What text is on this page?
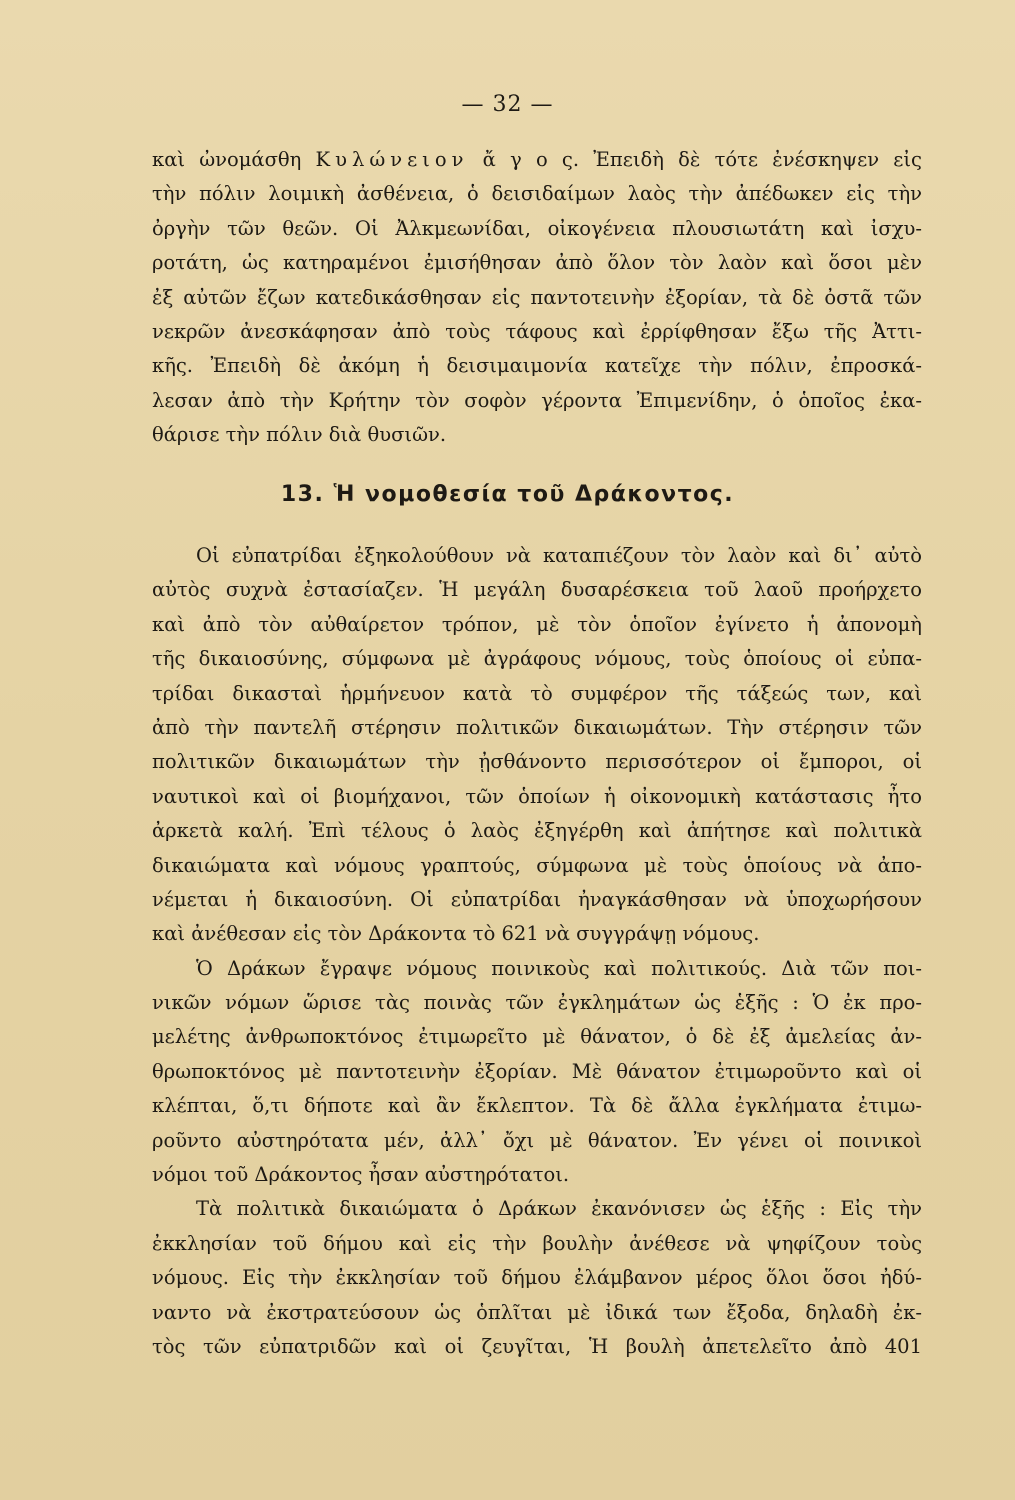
— 32 —
καὶ ὠνομάσθη Κυλώνειον ἄ γ ο ς. Ἐπειδὴ δὲ τότε ἐνέσκηψεν εἰς
τὴν πόλιν λοιμικὴ ἀσθένεια, ὁ δεισιδαίμων λαὸς τὴν ἀπέδωκεν εἰς τὴν
ὀργὴν τῶν θεῶν. Οἱ Ἀλκμεωνίδαι, οἰκογένεια πλουσιωτάτη καὶ ἰσχυ-
ροτάτη, ὡς κατηραμένοι ἐμισήθησαν ἀπὸ ὅλον τὸν λαὸν καὶ ὅσοι μὲν
ἐξ αὐτῶν ἔζων κατεδικάσθησαν εἰς παντοτεινὴν ἐξορίαν, τὰ δὲ ὀστᾶ τῶν
νεκρῶν ἀνεσκάφησαν ἀπὸ τοὺς τάφους καὶ ἐρρίφθησαν ἔξω τῆς Ἀττι-
κῆς. Ἐπειδὴ δὲ ἀκόμη ἡ δεισιμαιμονία κατεῖχε τὴν πόλιν, ἐπροσκά-
λεσαν ἀπὸ τὴν Κρήτην τὸν σοφὸν γέροντα Ἐπιμενίδην, ὁ ὁποῖος ἐκα-
θάρισε τὴν πόλιν διὰ θυσιῶν.
13. Ἡ νομοθεσία τοῦ Δράκοντος.
Οἱ εὐπατρίδαι ἐξηκολούθουν νὰ καταπιέζουν τὸν λαὸν καὶ δι᾽ αὐτὸ
αὐτὸς συχνὰ ἐστασίαζεν. Ἡ μεγάλη δυσαρέσκεια τοῦ λαοῦ προήρχετο
καὶ ἀπὸ τὸν αὐθαίρετον τρόπον, μὲ τὸν ὁποῖον ἐγίνετο ἡ ἀπονομὴ
τῆς δικαιοσύνης, σύμφωνα μὲ ἀγράφους νόμους, τοὺς ὁποίους οἱ εὐπα-
τρίδαι δικασταὶ ἡρμήνευον κατὰ τὸ συμφέρον τῆς τάξεώς των, καὶ
ἀπὸ τὴν παντελῆ στέρησιν πολιτικῶν δικαιωμάτων. Τὴν στέρησιν τῶν
πολιτικῶν δικαιωμάτων τὴν ᾐσθάνοντο περισσότερον οἱ ἔμποροι, οἱ
ναυτικοὶ καὶ οἱ βιομήχανοι, τῶν ὁποίων ἡ οἰκονομικὴ κατάστασις ἦτο
ἀρκετὰ καλή. Ἐπὶ τέλους ὁ λαὸς ἐξηγέρθη καὶ ἀπήτησε καὶ πολιτικὰ
δικαιώματα καὶ νόμους γραπτούς, σύμφωνα μὲ τοὺς ὁποίους νὰ ἀπο-
νέμεται ἡ δικαιοσύνη. Οἱ εὐπατρίδαι ἠναγκάσθησαν νὰ ὑποχωρήσουν
καὶ ἀνέθεσαν εἰς τὸν Δράκοντα τὸ 621 νὰ συγγράψῃ νόμους.
Ὁ Δράκων ἔγραψε νόμους ποινικοὺς καὶ πολιτικούς. Διὰ τῶν ποι-
νικῶν νόμων ὥρισε τὰς ποινὰς τῶν ἐγκλημάτων ὡς ἑξῆς : Ὁ ἐκ προ-
μελέτης ἀνθρωποκτόνος ἐτιμωρεῖτο μὲ θάνατον, ὁ δὲ ἐξ ἀμελείας ἀν-
θρωποκτόνος μὲ παντοτεινὴν ἐξορίαν. Μὲ θάνατον ἐτιμωροῦντο καὶ οἱ
κλέπται, ὅ,τι δήποτε καὶ ἂν ἔκλεπτον. Τὰ δὲ ἄλλα ἐγκλήματα ἐτιμω-
ροῦντο αὐστηρότατα μέν, ἀλλ᾽ ὄχι μὲ θάνατον. Ἐν γένει οἱ ποινικοὶ
νόμοι τοῦ Δράκοντος ἦσαν αὐστηρότατοι.
Τὰ πολιτικὰ δικαιώματα ὁ Δράκων ἐκανόνισεν ὡς ἑξῆς : Εἰς τὴν
ἐκκλησίαν τοῦ δήμου καὶ εἰς τὴν βουλὴν ἀνέθεσε νὰ ψηφίζουν τοὺς
νόμους. Εἰς τὴν ἐκκλησίαν τοῦ δήμου ἐλάμβανον μέρος ὅλοι ὅσοι ἠδύ-
ναντο νὰ ἐκστρατεύσουν ὡς ὁπλῖται μὲ ἰδικά των ἔξοδα, δηλαδὴ ἐκ-
τὸς τῶν εὐπατριδῶν καὶ οἱ ζευγῖται, Ἡ βουλὴ ἀπετελεῖτο ἀπὸ 401
